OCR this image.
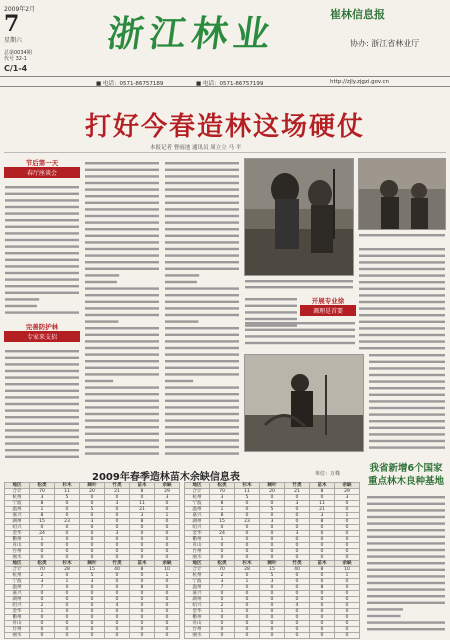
2009年2月
7
星期六
总第0034期
代号 32-1
C/1-4
浙江林业	崔林信息报
协办: 浙江省林业厅
■ 电话：0571-86757189	■ 电话：0571-86757199	http://zjly.zjgzi.gov.cn
打好今春造林这场硬仗
本报记者 曹雨池 通讯员 周立立 马 平
节后第一天
春厅座谈会
完善防护林
专家来支招
开展专业徐
调理是首要
2009年春季造林苗木余缺信息表	单位：万株
地区	松类	杉木	阔叶	竹类	苗木	余缺
合计	70	11	20	21	8	29
杭州	3	5	0	0	0	3
宁波	8	0	0	3	11	0
温州	1	0	5	0	21	0
嘉兴	8	0	0	0	3	1
湖州	15	23	3	0	8	0
绍兴	0	0	0	0	0	0
金华	24	0	0	3	0	0
衢州	1	0	0	0	0	0
舟山	0	0	0	0	0	0
台州	0	0	0	0	0	0
丽水	0	0	0	0	0	0
地区	松类	杉木	阔叶	竹类	苗木	余缺
合计	70	11	20	21	8	29
杭州	3	5	0	0	0	3
宁波	8	0	0	3	11	0
温州	1	0	5	0	21	0
嘉兴	8	0	0	0	3	1
湖州	15	23	3	0	8	0
绍兴	0	0	0	0	0	0
金华	24	0	0	3	0	0
衢州	1	0	0	0	0	0
舟山	0	0	0	0	0	0
台州	0	0	0	0	0	0
丽水	0	0	0	0	0	0
地区	松类	杉木	阔叶	竹类	苗木	余缺
合计	70	28	15	40	8	10
杭州	2	0	5	0	0	1
宁波	3	1	3	0	0	0
温州	7	0	0	0	8	0
嘉兴	0	0	0	0	0	0
湖州	0	0	0	0	0	0
绍兴	2	0	0	4	0	0
金华	1	0	0	0	0	0
衢州	0	0	0	0	0	0
舟山	0	0	0	0	0	0
台州	0	0	0	0	0	0
丽水	0	0	0	0	0	0
地区	松类	杉木	阔叶	竹类	苗木	余缺
合计	70	28	15	40	8	10
杭州	2	0	5	0	0	1
宁波	3	1	3	0	0	0
温州	7	0	0	0	8	0
嘉兴	0	0	0	0	0	0
湖州	0	0	0	0	0	0
绍兴	2	0	0	4	0	0
金华	1	0	0	0	0	0
衢州	0	0	0	0	0	0
舟山	0	0	0	0	0	0
台州	0	0	0	0	0	0
丽水	0	0	0	0	0	0
我省新增6个国家重点林木良种基地
